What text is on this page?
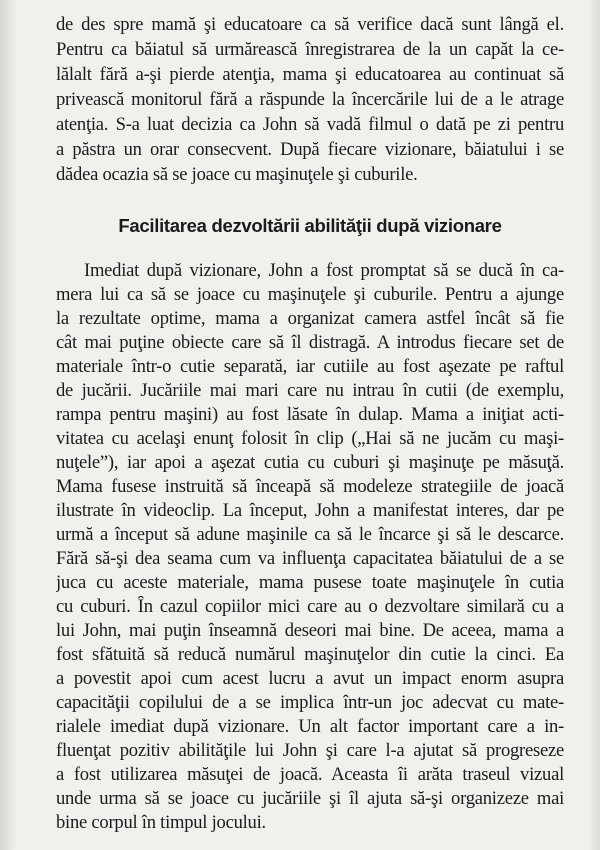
de des spre mamă şi educatoare ca să verifice dacă sunt lângă el.

Pentru ca băiatul să urmărească înregistrarea de la un capăt la ce-

lălalt fără a-şi pierde atenţia, mama şi educatoarea au continuat să

privească monitorul fără a răspunde la încercările lui de a le atrage

atenţia. S-a luat decizia ca John să vadă filmul o dată pe zi pentru

a păstra un orar consecvent. După fiecare vizionare, băiatului i se

dădea ocazia să se joace cu maşinuţele şi cuburile.

Facilitarea dezvoltării abilităţii după vizionare

Imediat după vizionare, John a fost promptat să se ducă în ca-

mera lui ca să se joace cu maşinuţele şi cuburile. Pentru a ajunge

la rezultate optime, mama a organizat camera astfel încât să fie

cât mai puţine obiecte care să îl distragă. A introdus fiecare set de

materiale într-o cutie separată, iar cutiile au fost aşezate pe raftul

de jucării. Jucăriile mai mari care nu intrau în cutii (de exemplu,

rampa pentru maşini) au fost lăsate în dulap. Mama a iniţiat acti-

vitatea cu acelaşi enunţ folosit în clip („Hai să ne jucăm cu maşi-

nuţele”), iar apoi a aşezat cutia cu cuburi şi maşinuţe pe măsuţă.

Mama fusese instruită să înceapă să modeleze strategiile de joacă

ilustrate în videoclip. La început, John a manifestat interes, dar pe

urmă a început să adune maşinile ca să le încarce şi să le descarce.

Fără să-şi dea seama cum va influenţa capacitatea băiatului de a se

juca cu aceste materiale, mama pusese toate maşinuţele în cutia

cu cuburi. În cazul copiilor mici care au o dezvoltare similară cu a

lui John, mai puţin înseamnă deseori mai bine. De aceea, mama a

fost sfătuită să reducă numărul maşinuţelor din cutie la cinci. Ea

a povestit apoi cum acest lucru a avut un impact enorm asupra

capacităţii copilului de a se implica într-un joc adecvat cu mate-

rialele imediat după vizionare. Un alt factor important care a in-

fluenţat pozitiv abilităţile lui John şi care l-a ajutat să progreseze

a fost utilizarea măsuţei de joacă. Aceasta îi arăta traseul vizual

unde urma să se joace cu jucăriile şi îl ajuta să-şi organizeze mai

bine corpul în timpul jocului.
